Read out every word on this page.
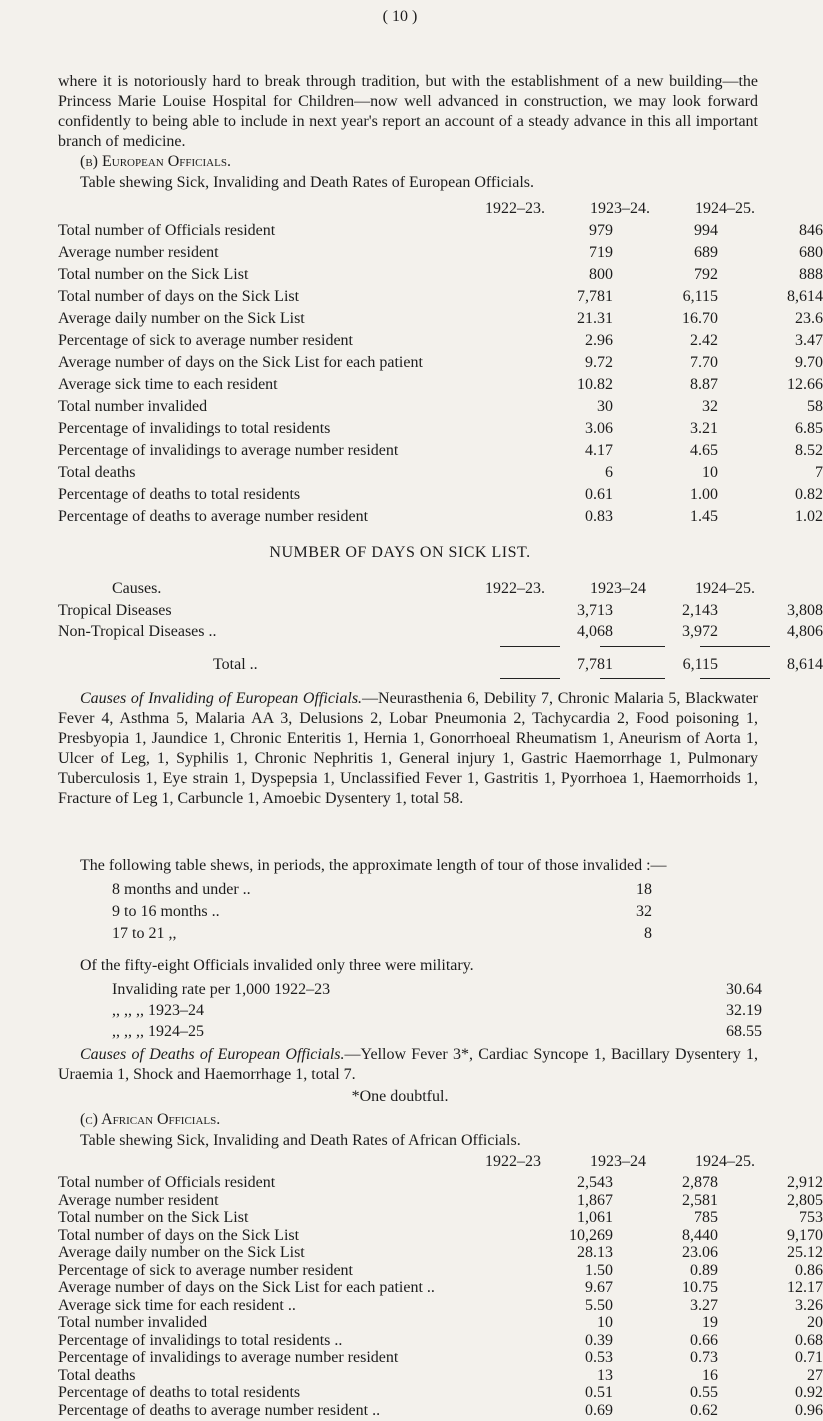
( 10 )

where it is notoriously hard to break through tradition, but with the establishment of a new building—the Princess Marie Louise Hospital for Children—now well advanced in construction, we may look forward confidently to being able to include in next year's report an account of a steady advance in this all important branch of medicine.

(b) European Officials.
Table shewing Sick, Invaliding and Death Rates of European Officials.
1922–23.	1923–24.	1924–25.
Total number of Officials resident	979	994	846
Average number resident	719	689	680
Total number on the Sick List	800	792	888
Total number of days on the Sick List	7,781	6,115	8,614
Average daily number on the Sick List	21.31	16.70	23.6
Percentage of sick to average number resident	2.96	2.42	3.47
Average number of days on the Sick List for each patient	9.72	7.70	9.70
Average sick time to each resident	10.82	8.87	12.66
Total number invalided	30	32	58
Percentage of invalidings to total residents	3.06	3.21	6.85
Percentage of invalidings to average number resident	4.17	4.65	8.52
Total deaths	6	10	7
Percentage of deaths to total residents	0.61	1.00	0.82
Percentage of deaths to average number resident	0.83	1.45	1.02
NUMBER OF DAYS ON SICK LIST.
Causes.	1922–23.	1923–24	1924–25.
Tropical Diseases	3,713	2,143	3,808
Non-Tropical Diseases ..	4,068	3,972	4,806
Total ..	7,781	6,115	8,614

Causes of Invaliding of European Officials.—Neurasthenia 6, Debility 7, Chronic Malaria 5, Blackwater Fever 4, Asthma 5, Malaria AA 3, Delusions 2, Lobar Pneumonia 2, Tachycardia 2, Food poisoning 1, Presbyopia 1, Jaundice 1, Chronic Enteritis 1, Hernia 1, Gonorrhoeal Rheumatism 1, Aneurism of Aorta 1, Ulcer of Leg, 1, Syphilis 1, Chronic Nephritis 1, General injury 1, Gastric Haemorrhage 1, Pulmonary Tuberculosis 1, Eye strain 1, Dyspepsia 1, Unclassified Fever 1, Gastritis 1, Pyorrhoea 1, Haemorrhoids 1, Fracture of Leg 1, Carbuncle 1, Amoebic Dysentery 1, total 58.

The following table shews, in periods, the approximate length of tour of those invalided :—

8 months and under ..	18
9 to 16 months ..	32
17 to 21 ,,	8

Of the fifty-eight Officials invalided only three were military.

Invaliding rate per 1,000 1922–23	30.64
,, ,, ,, 1923–24	32.19
,, ,, ,, 1924–25	68.55

Causes of Deaths of European Officials.—Yellow Fever 3*, Cardiac Syncope 1, Bacillary Dysentery 1, Uraemia 1, Shock and Haemorrhage 1, total 7.

*One doubtful.
(c) African Officials.
Table shewing Sick, Invaliding and Death Rates of African Officials.
1922–23	1923–24	1924–25.
Total number of Officials resident	2,543	2,878	2,912
Average number resident	1,867	2,581	2,805
Total number on the Sick List	1,061	785	753
Total number of days on the Sick List	10,269	8,440	9,170
Average daily number on the Sick List	28.13	23.06	25.12
Percentage of sick to average number resident	1.50	0.89	0.86
Average number of days on the Sick List for each patient ..	9.67	10.75	12.17
Average sick time for each resident ..	5.50	3.27	3.26
Total number invalided	10	19	20
Percentage of invalidings to total residents ..	0.39	0.66	0.68
Percentage of invalidings to average number resident	0.53	0.73	0.71
Total deaths	13	16	27
Percentage of deaths to total residents	0.51	0.55	0.92
Percentage of deaths to average number resident ..	0.69	0.62	0.96
